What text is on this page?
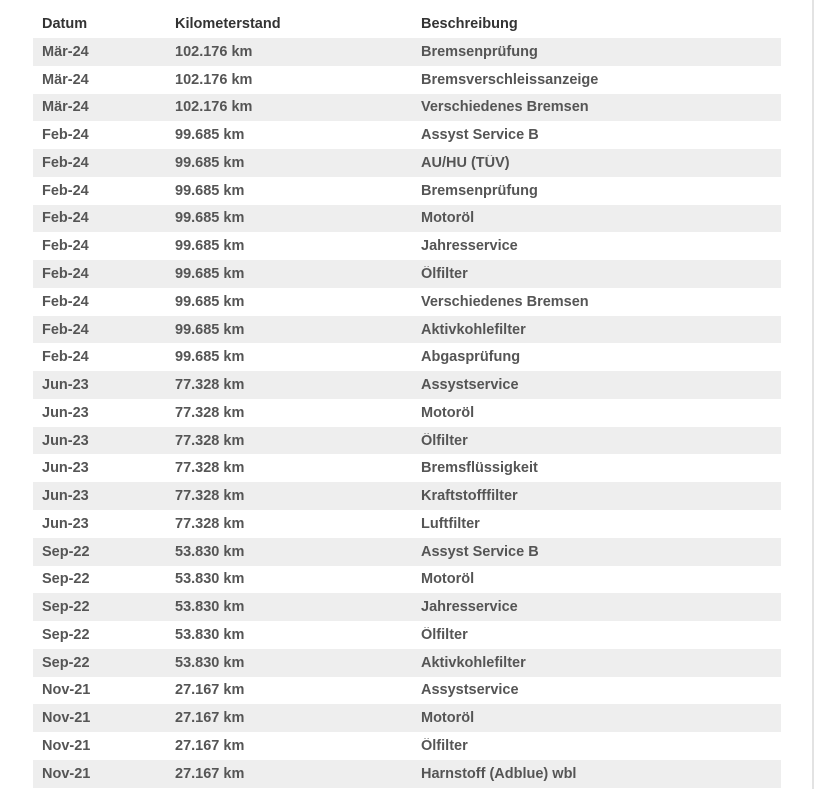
Datum	Kilometerstand	Beschreibung
Mär-24	102.176 km	Bremsenprüfung
Mär-24	102.176 km	Bremsverschleissanzeige
Mär-24	102.176 km	Verschiedenes Bremsen
Feb-24	99.685 km	Assyst Service B
Feb-24	99.685 km	AU/HU (TÜV)
Feb-24	99.685 km	Bremsenprüfung
Feb-24	99.685 km	Motoröl
Feb-24	99.685 km	Jahresservice
Feb-24	99.685 km	Ölfilter
Feb-24	99.685 km	Verschiedenes Bremsen
Feb-24	99.685 km	Aktivkohlefilter
Feb-24	99.685 km	Abgasprüfung
Jun-23	77.328 km	Assystservice
Jun-23	77.328 km	Motoröl
Jun-23	77.328 km	Ölfilter
Jun-23	77.328 km	Bremsflüssigkeit
Jun-23	77.328 km	Kraftstofffilter
Jun-23	77.328 km	Luftfilter
Sep-22	53.830 km	Assyst Service B
Sep-22	53.830 km	Motoröl
Sep-22	53.830 km	Jahresservice
Sep-22	53.830 km	Ölfilter
Sep-22	53.830 km	Aktivkohlefilter
Nov-21	27.167 km	Assystservice
Nov-21	27.167 km	Motoröl
Nov-21	27.167 km	Ölfilter
Nov-21	27.167 km	Harnstoff (Adblue) wbl
